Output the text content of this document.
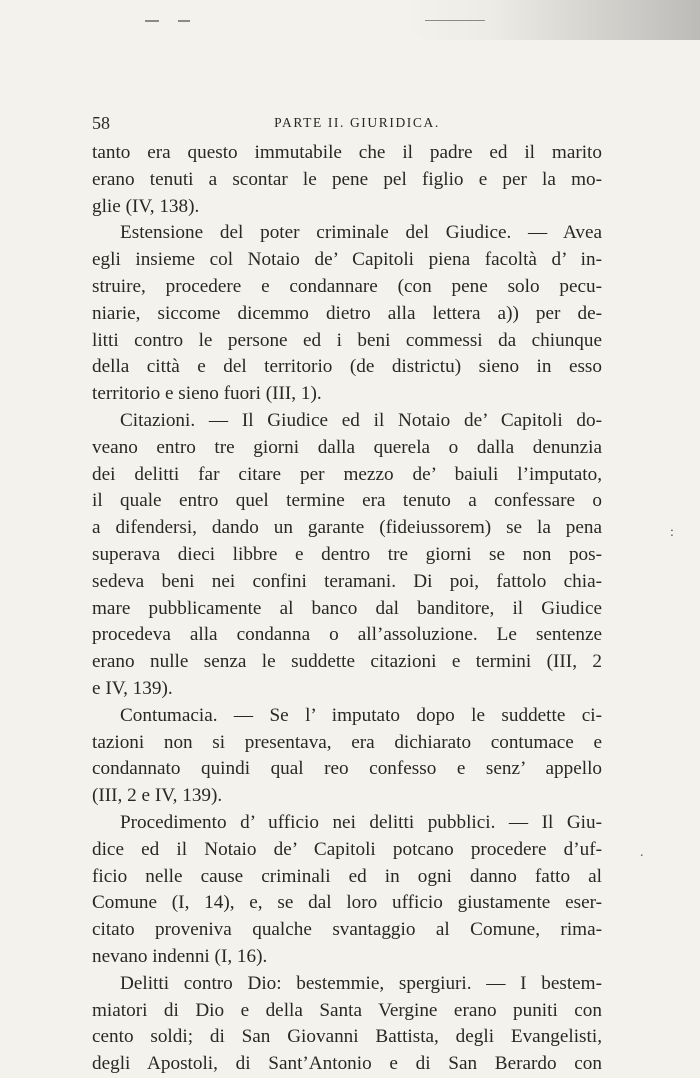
58	PARTE II. GIURIDICA.
tanto era questo immutabile che il padre ed il marito
erano tenuti a scontar le pene pel figlio e per la mo-
glie (IV, 138).
Estensione del poter criminale del Giudice. — Avea
egli insieme col Notaio de’ Capitoli piena facoltà d’ in-
struire, procedere e condannare (con pene solo pecu-
niarie, siccome dicemmo dietro alla lettera a)) per de-
litti contro le persone ed i beni commessi da chiunque
della città e del territorio (de districtu) sieno in esso
territorio e sieno fuori (III, 1).
Citazioni. — Il Giudice ed il Notaio de’ Capitoli do-
veano entro tre giorni dalla querela o dalla denunzia
dei delitti far citare per mezzo de’ baiuli l’imputato,
il quale entro quel termine era tenuto a confessare o
a difendersi, dando un garante (fideiussorem) se la pena
superava dieci libbre e dentro tre giorni se non pos-
sedeva beni nei confini teramani. Di poi, fattolo chia-
mare pubblicamente al banco dal banditore, il Giudice
procedeva alla condanna o all’assoluzione. Le sentenze
erano nulle senza le suddette citazioni e termini (III, 2
e IV, 139).
Contumacia. — Se l’ imputato dopo le suddette ci-
tazioni non si presentava, era dichiarato contumace e
condannato quindi qual reo confesso e senz’ appello
(III, 2 e IV, 139).
Procedimento d’ ufficio nei delitti pubblici. — Il Giu-
dice ed il Notaio de’ Capitoli potcano procedere d’uf-
ficio nelle cause criminali ed in ogni danno fatto al
Comune (I, 14), e, se dal loro ufficio giustamente eser-
citato proveniva qualche svantaggio al Comune, rima-
nevano indenni (I, 16).
Delitti contro Dio: bestemmie, spergiuri. — I bestem-
miatori di Dio e della Santa Vergine erano puniti con
cento soldi; di San Giovanni Battista, degli Evangelisti,
degli Apostoli, di Sant’Antonio e di San Berardo con
:
.
